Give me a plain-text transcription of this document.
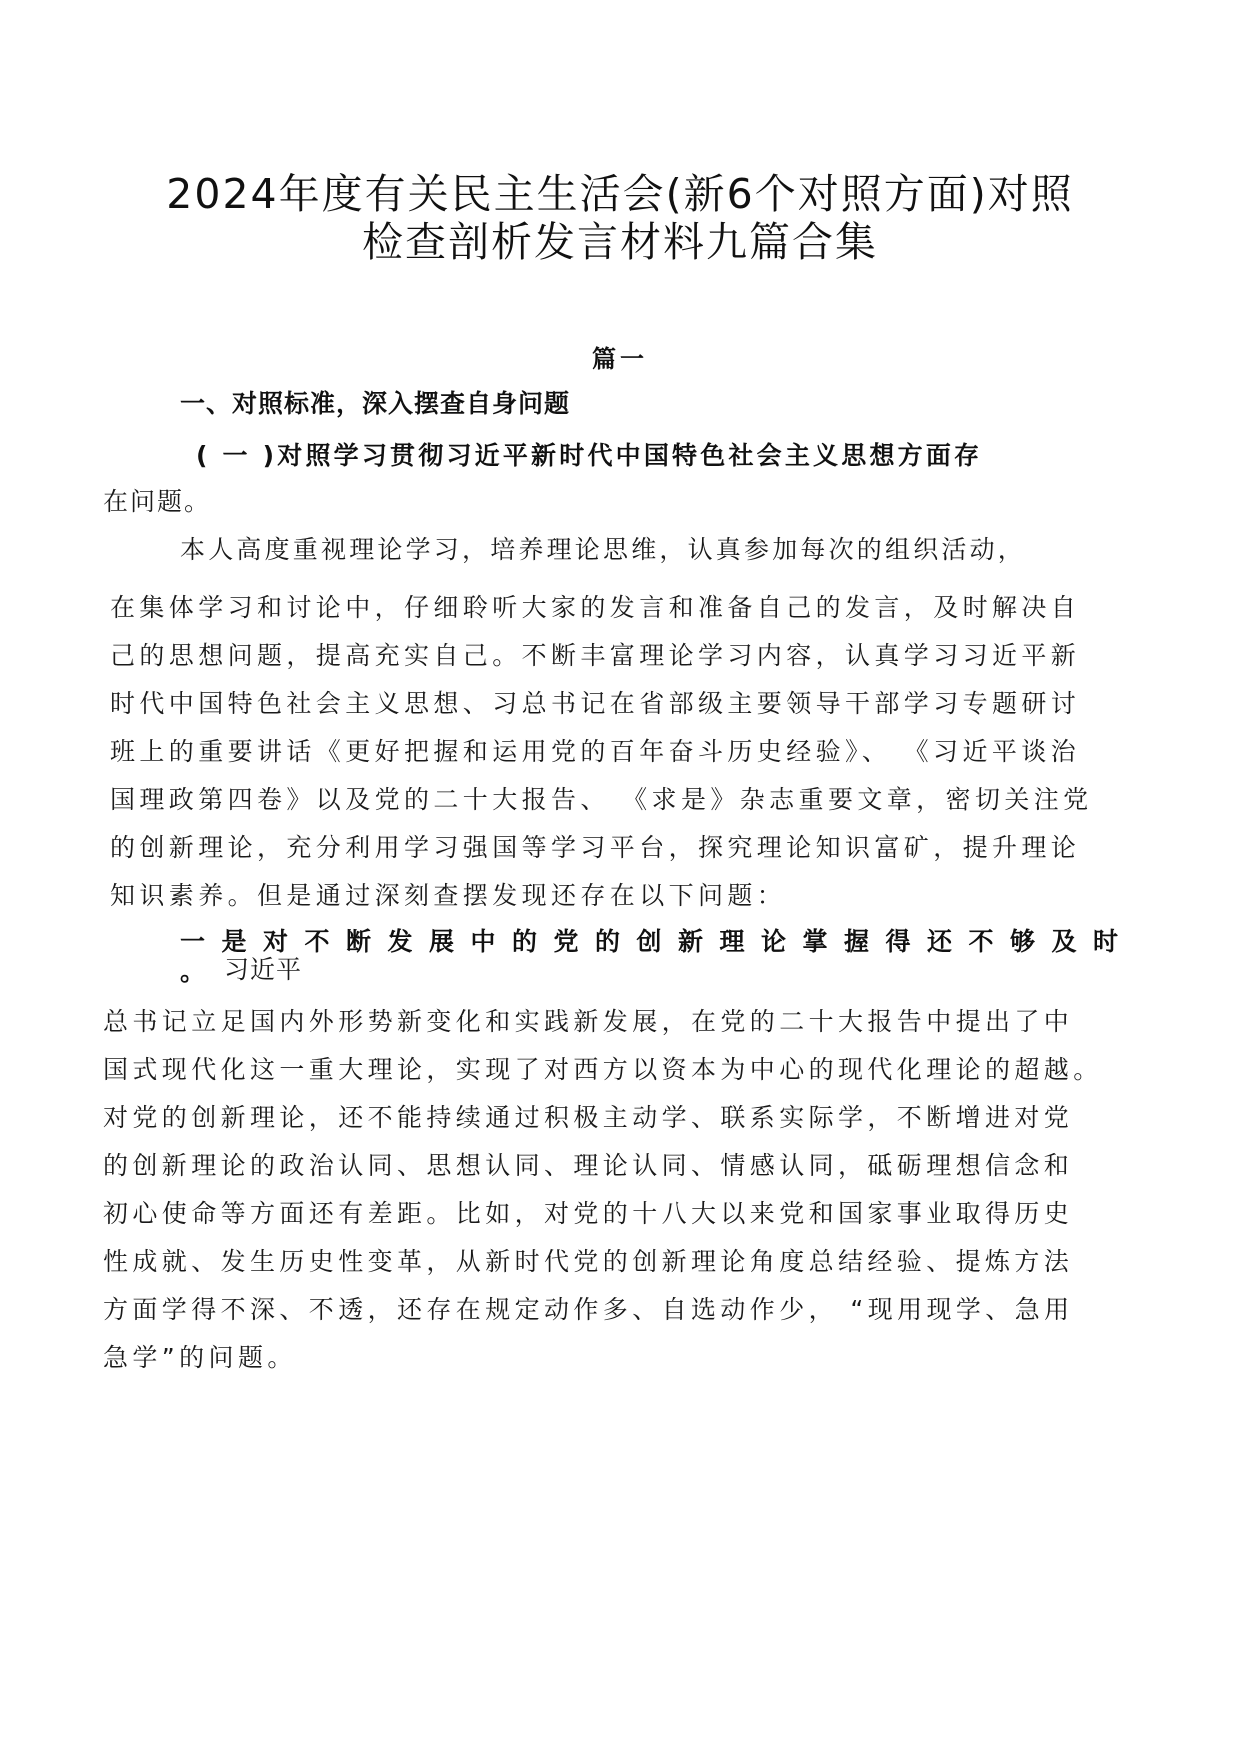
2024年度有关民主生活会(新6个对照方面)对照
检查剖析发言材料九篇合集
篇一
一、对照标准，深入摆查自身问题
( 一 )对照学习贯彻习近平新时代中国特色社会主义思想方面存
在问题。
本人高度重视理论学习，培养理论思维，认真参加每次的组织活动，
在集体学习和讨论中，仔细聆听大家的发言和准备自己的发言，及时解决自
己的思想问题，提高充实自己。不断丰富理论学习内容，认真学习习近平新
时代中国特色社会主义思想、习总书记在省部级主要领导干部学习专题研讨
班上的重要讲话《更好把握和运用党的百年奋斗历史经验》、 《习近平谈治
国理政第四卷》以及党的二十大报告、 《求是》杂志重要文章，密切关注党
的创新理论，充分利用学习强国等学习平台，探究理论知识富矿，提升理论
知识素养。但是通过深刻查摆发现还存在以下问题：
一是对不断发展中的党的创新理论掌握得还不够及时
。 习近平
总书记立足国内外形势新变化和实践新发展，在党的二十大报告中提出了中
国式现代化这一重大理论，实现了对西方以资本为中心的现代化理论的超越。
对党的创新理论，还不能持续通过积极主动学、联系实际学，不断增进对党
的创新理论的政治认同、思想认同、理论认同、情感认同，砥砺理想信念和
初心使命等方面还有差距。比如，对党的十八大以来党和国家事业取得历史
性成就、发生历史性变革，从新时代党的创新理论角度总结经验、提炼方法
方面学得不深、不透，还存在规定动作多、自选动作少， “现用现学、急用
急学”的问题。
